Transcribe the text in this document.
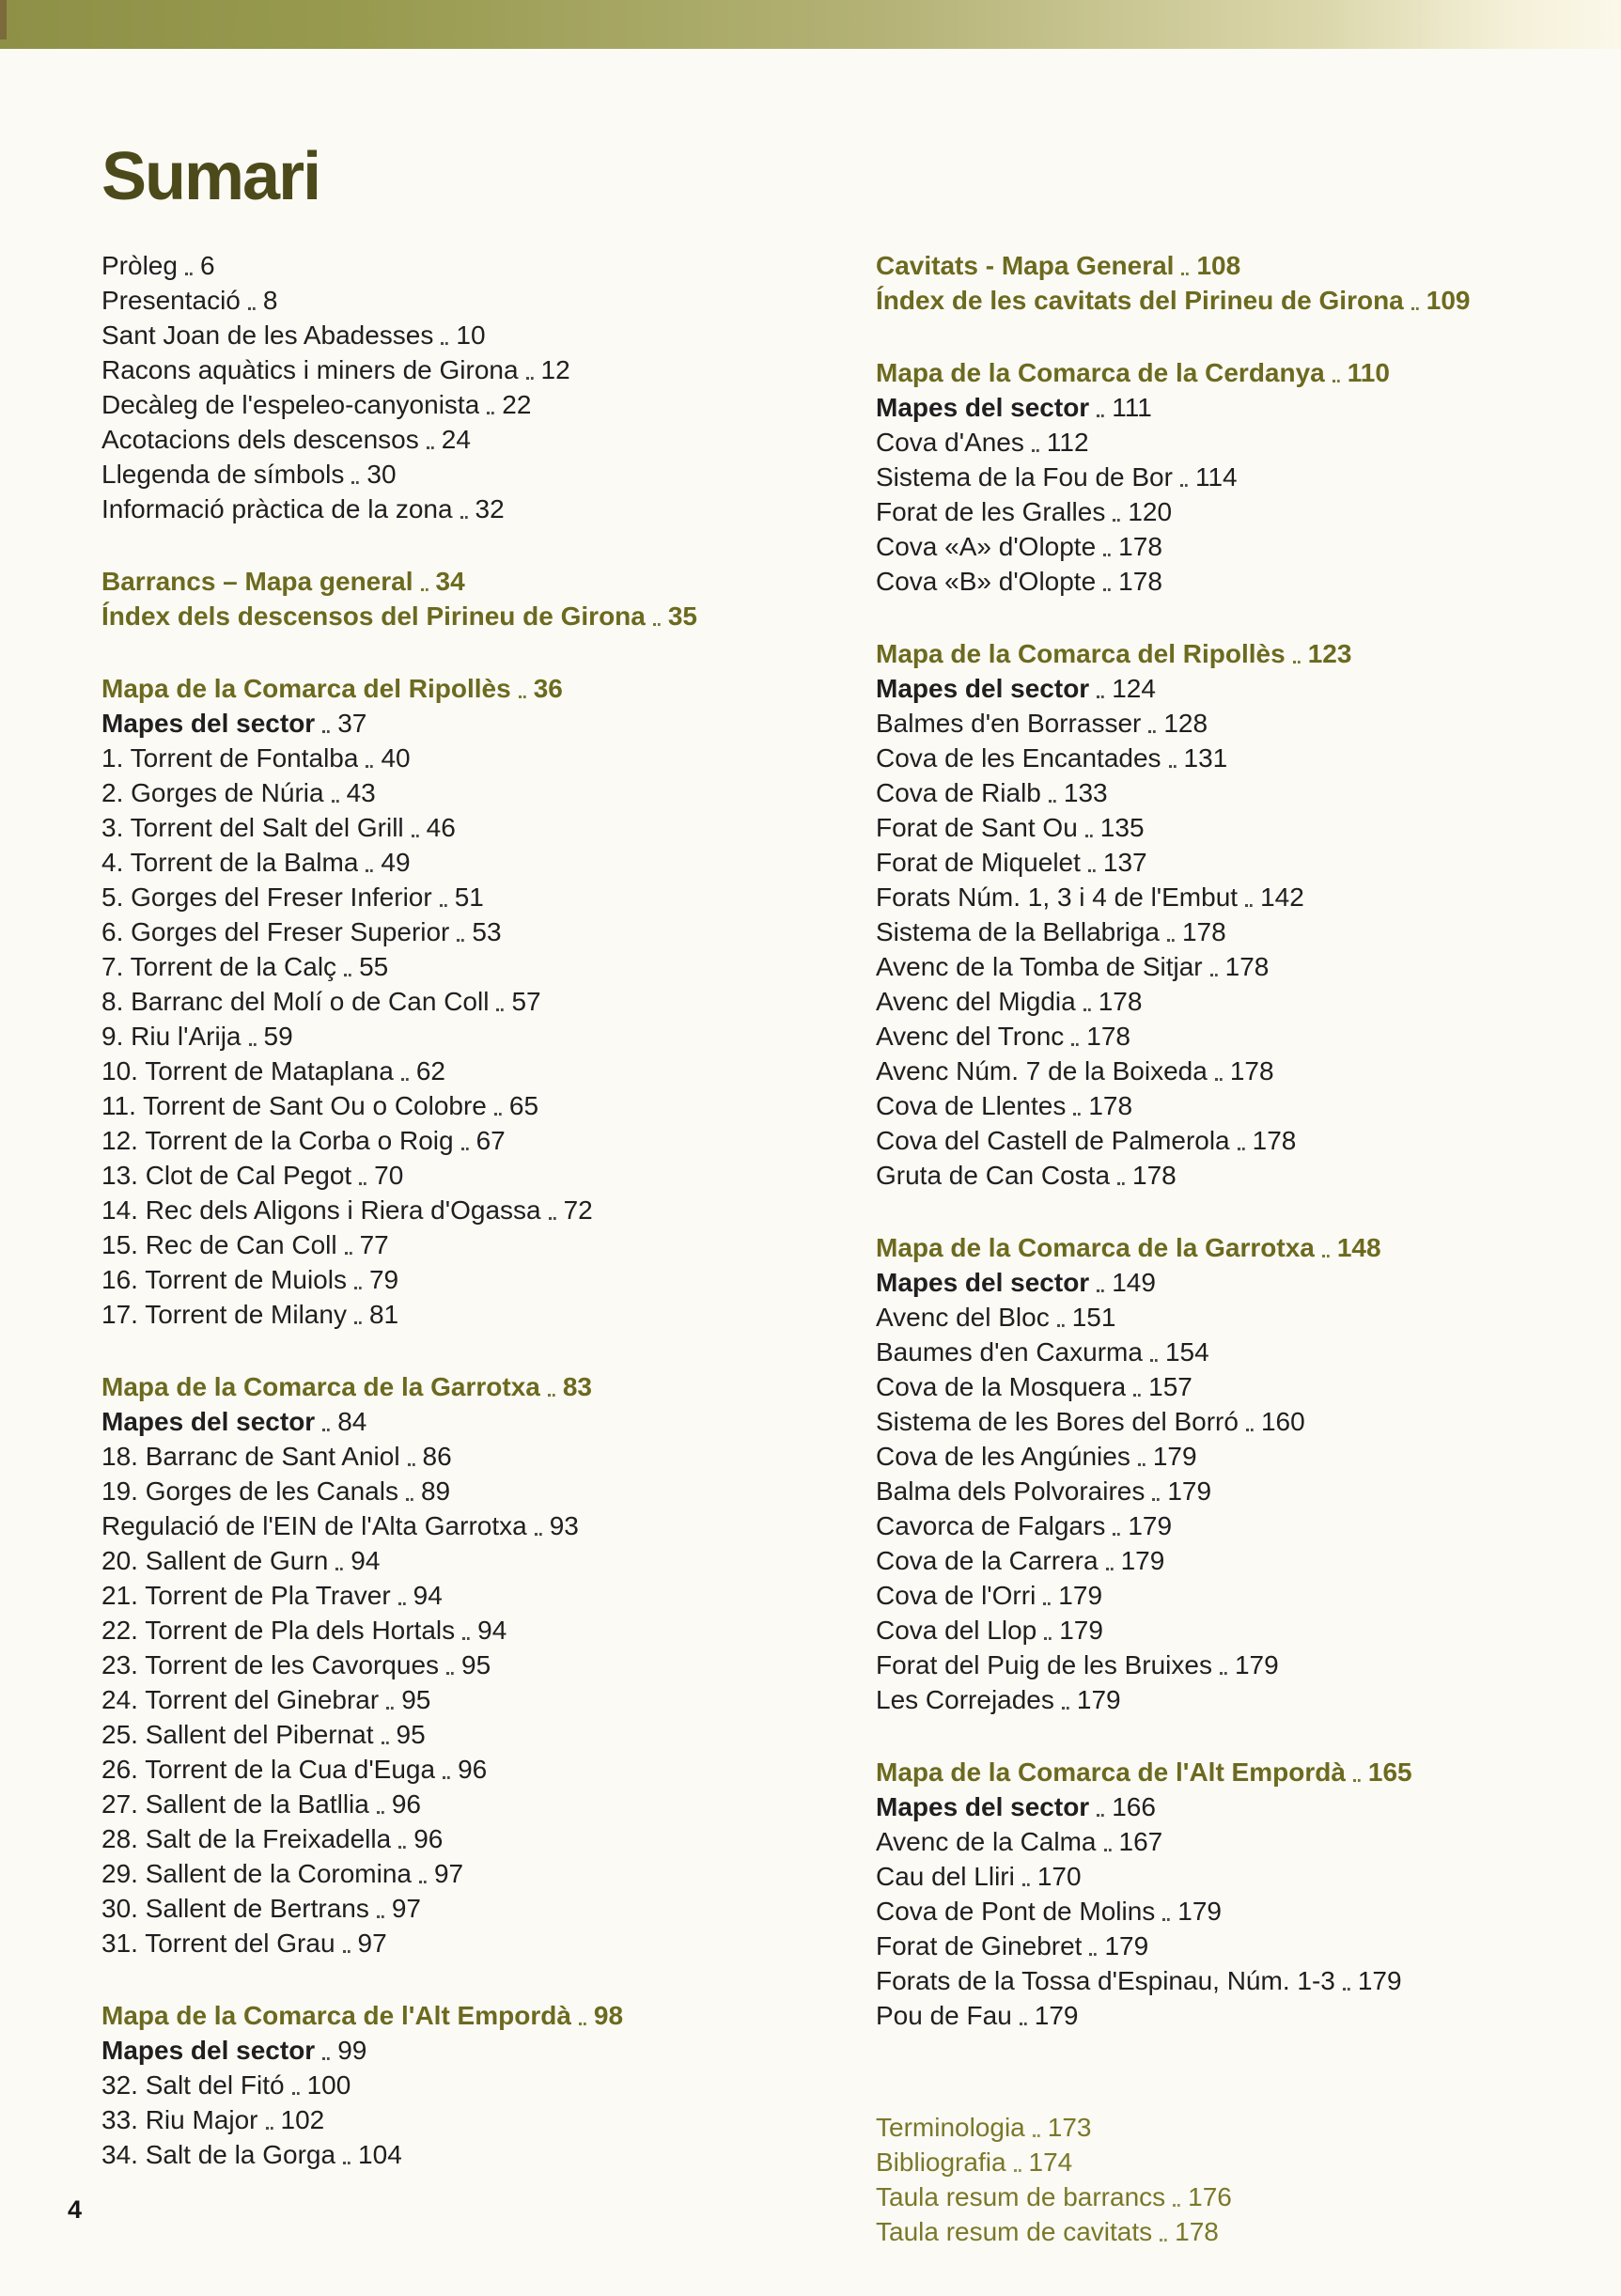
Sumari
Pròleg 6
Presentació 8
Sant Joan de les Abadesses 10
Racons aquàtics i miners de Girona 12
Decàleg de l'espeleo-canyonista 22
Acotacions dels descensos 24
Llegenda de símbols 30
Informació pràctica de la zona 32
Barrancs – Mapa general 34
Índex dels descensos del Pirineu de Girona 35
Mapa de la Comarca del Ripollès 36
Mapes del sector 37
1. Torrent de Fontalba 40
2. Gorges de Núria 43
3. Torrent del Salt del Grill 46
4. Torrent de la Balma 49
5. Gorges del Freser Inferior 51
6. Gorges del Freser Superior 53
7. Torrent de la Calç 55
8. Barranc del Molí o de Can Coll 57
9. Riu l'Arija 59
10. Torrent de Mataplana 62
11. Torrent de Sant Ou o Colobre 65
12. Torrent de la Corba o Roig 67
13. Clot de Cal Pegot 70
14. Rec dels Aligons i Riera d'Ogassa 72
15. Rec de Can Coll 77
16. Torrent de Muiols 79
17. Torrent de Milany 81
Mapa de la Comarca de la Garrotxa 83
Mapes del sector 84
18. Barranc de Sant Aniol 86
19. Gorges de les Canals 89
Regulació de l'EIN de l'Alta Garrotxa 93
20. Sallent de Gurn 94
21. Torrent de Pla Traver 94
22. Torrent de Pla dels Hortals 94
23. Torrent de les Cavorques 95
24. Torrent del Ginebrar 95
25. Sallent del Pibernat 95
26. Torrent de la Cua d'Euga 96
27. Sallent de la Batllia 96
28. Salt de la Freixadella 96
29. Sallent de la Coromina 97
30. Sallent de Bertrans 97
31. Torrent del Grau 97
Mapa de la Comarca de l'Alt Empordà 98
Mapes del sector 99
32. Salt del Fitó 100
33. Riu Major 102
34. Salt de la Gorga 104
Cavitats - Mapa General 108
Índex de les cavitats del Pirineu de Girona 109
Mapa de la Comarca de la Cerdanya 110
Mapes del sector 111
Cova d'Anes 112
Sistema de la Fou de Bor 114
Forat de les Gralles 120
Cova «A» d'Olopte 178
Cova «B» d'Olopte 178
Mapa de la Comarca del Ripollès 123
Mapes del sector 124
Balmes d'en Borrasser 128
Cova de les Encantades 131
Cova de Rialb 133
Forat de Sant Ou 135
Forat de Miquelet 137
Forats Núm. 1, 3 i 4 de l'Embut 142
Sistema de la Bellabriga 178
Avenc de la Tomba de Sitjar 178
Avenc del Migdia 178
Avenc del Tronc 178
Avenc Núm. 7 de la Boixeda 178
Cova de Llentes 178
Cova del Castell de Palmerola 178
Gruta de Can Costa 178
Mapa de la Comarca de la Garrotxa 148
Mapes del sector 149
Avenc del Bloc 151
Baumes d'en Caxurma 154
Cova de la Mosquera 157
Sistema de les Bores del Borró 160
Cova de les Angúnies 179
Balma dels Polvoraires 179
Cavorca de Falgars 179
Cova de la Carrera 179
Cova de l'Orri 179
Cova del Llop 179
Forat del Puig de les Bruixes 179
Les Correjades 179
Mapa de la Comarca de l'Alt Empordà 165
Mapes del sector 166
Avenc de la Calma 167
Cau del Lliri 170
Cova de Pont de Molins 179
Forat de Ginebret 179
Forats de la Tossa d'Espinau, Núm. 1-3 179
Pou de Fau 179
Terminologia 173
Bibliografia 174
Taula resum de barrancs 176
Taula resum de cavitats 178
4
